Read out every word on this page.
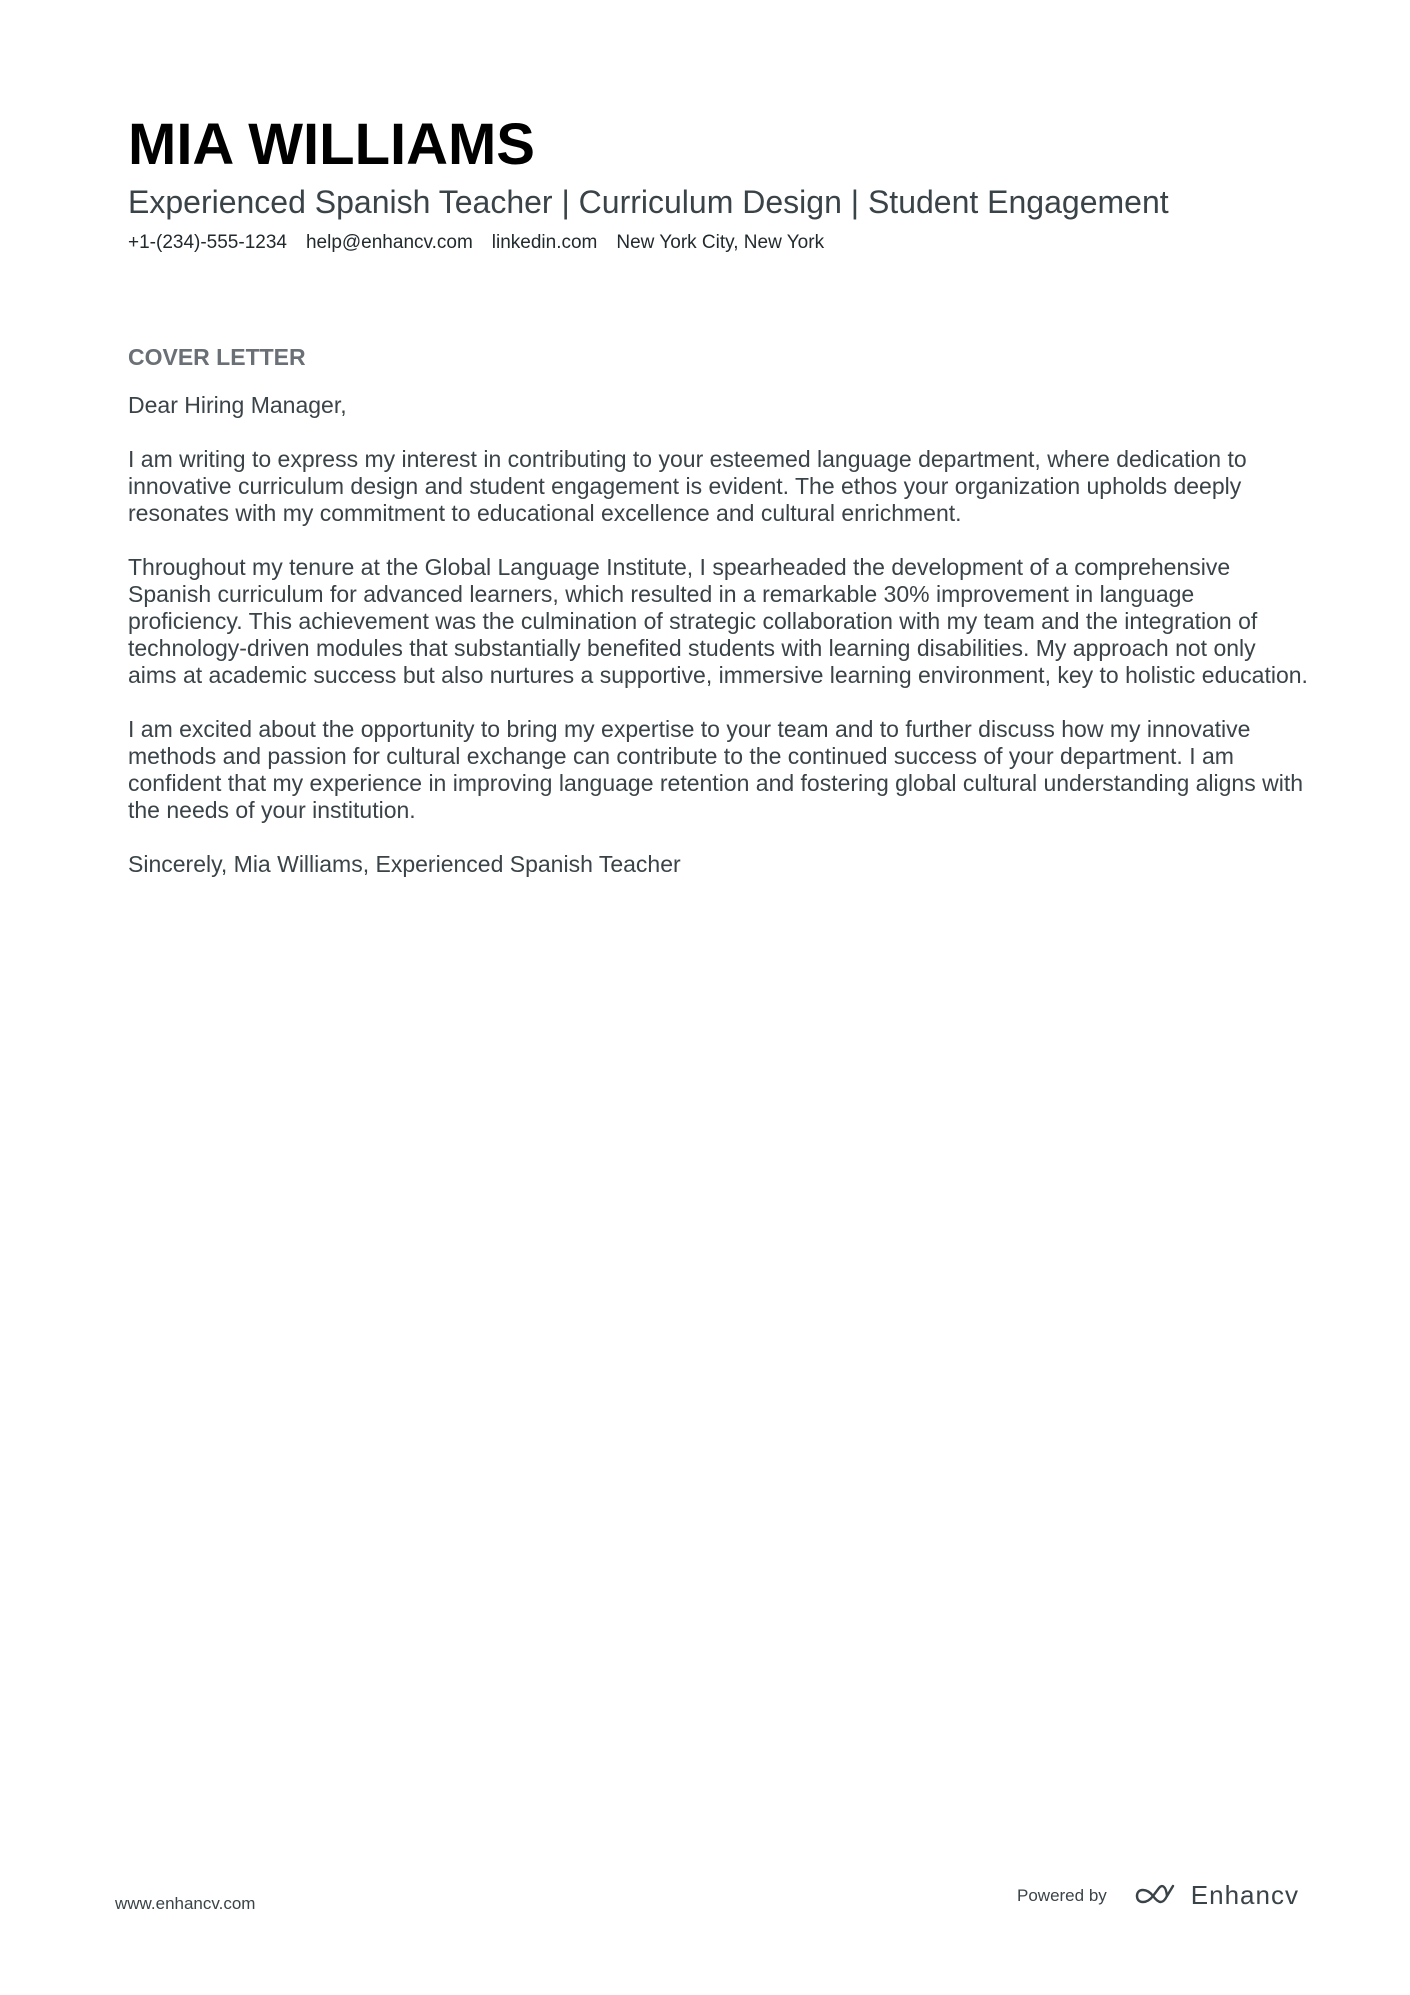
MIA WILLIAMS
Experienced Spanish Teacher | Curriculum Design | Student Engagement
+1-(234)-555-1234 help@enhancv.com linkedin.com New York City, New York
COVER LETTER

Dear Hiring Manager,

I am writing to express my interest in contributing to your esteemed language department, where dedication to innovative curriculum design and student engagement is evident. The ethos your organization upholds deeply resonates with my commitment to educational excellence and cultural enrichment.

Throughout my tenure at the Global Language Institute, I spearheaded the development of a comprehensive Spanish curriculum for advanced learners, which resulted in a remarkable 30% improvement in language proficiency. This achievement was the culmination of strategic collaboration with my team and the integration of technology-driven modules that substantially benefited students with learning disabilities. My approach not only aims at academic success but also nurtures a supportive, immersive learning environment, key to holistic education.

I am excited about the opportunity to bring my expertise to your team and to further discuss how my innovative methods and passion for cultural exchange can contribute to the continued success of your department. I am confident that my experience in improving language retention and fostering global cultural understanding aligns with the needs of your institution.

Sincerely, Mia Williams, Experienced Spanish Teacher

www.enhancv.com	Powered by	Enhancv
